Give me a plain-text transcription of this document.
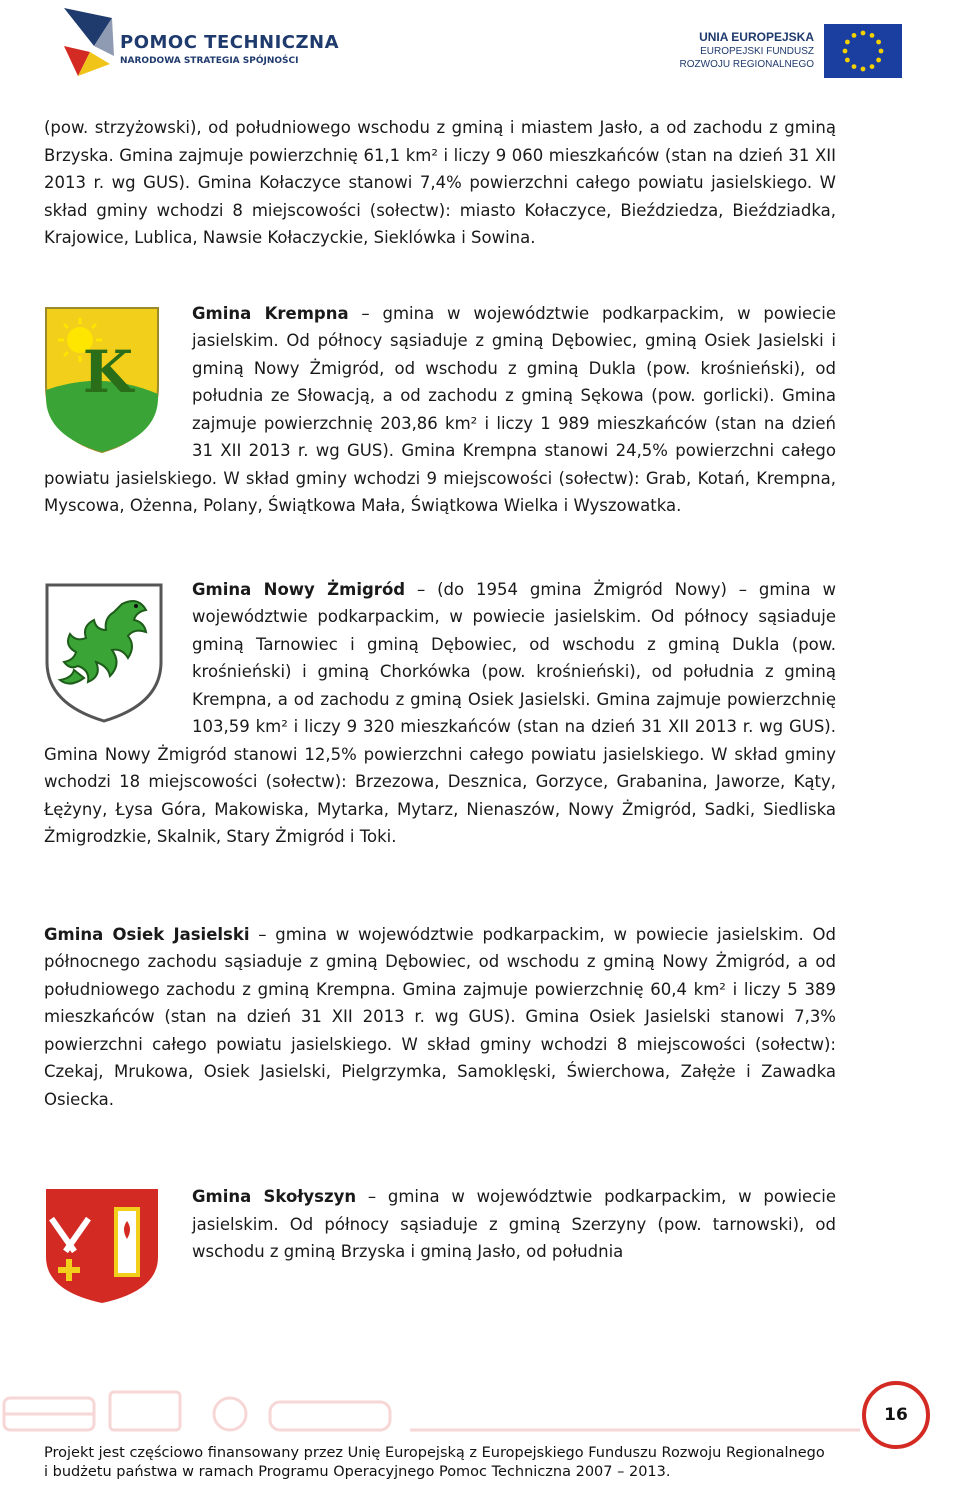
POMOC TECHNICZNA
NARODOWA STRATEGIA SPÓJNOŚCI
UNIA EUROPEJSKA
EUROPEJSKI FUNDUSZ
ROZWOJU REGIONALNEGO

(pow. strzyżowski), od południowego wschodu z gminą i miastem Jasło, a od zachodu z gminą Brzyska. Gmina zajmuje powierzchnię 61,1 km² i liczy 9 060 mieszkańców (stan na dzień 31 XII 2013 r. wg GUS). Gmina Kołaczyce stanowi 7,4% powierzchni całego powiatu jasielskiego. W skład gminy wchodzi 8 miejscowości (sołectw): miasto Kołaczyce, Bieździedza, Bieździadka, Krajowice, Lublica, Nawsie Kołaczyckie, Sieklówka i Sowina.

K
Gmina Krempna – gmina w województwie podkarpackim, w powiecie jasielskim. Od północy sąsiaduje z gminą Dębowiec, gminą Osiek Jasielski i gminą Nowy Żmigród, od wschodu z gminą Dukla (pow. krośnieński), od południa ze Słowacją, a od zachodu z gminą Sękowa (pow. gorlicki). Gmina zajmuje powierzchnię 203,86 km² i liczy 1 989 mieszkańców (stan na dzień 31 XII 2013 r. wg GUS). Gmina Krempna stanowi 24,5% powierzchni całego powiatu jasielskiego. W skład gminy wchodzi 9 miejscowości (sołectw): Grab, Kotań, Krempna, Myscowa, Ożenna, Polany, Świątkowa Mała, Świątkowa Wielka i Wyszowatka.

Gmina Nowy Żmigród – (do 1954 gmina Żmigród Nowy) – gmina w województwie podkarpackim, w powiecie jasielskim. Od północy sąsiaduje gminą Tarnowiec i gminą Dębowiec, od wschodu z gminą Dukla (pow. krośnieński) i gminą Chorkówka (pow. krośnieński), od południa z gminą Krempna, a od zachodu z gminą Osiek Jasielski. Gmina zajmuje powierzchnię 103,59 km² i liczy 9 320 mieszkańców (stan na dzień 31 XII 2013 r. wg GUS). Gmina Nowy Żmigród stanowi 12,5% powierzchni całego powiatu jasielskiego. W skład gminy wchodzi 18 miejscowości (sołectw): Brzezowa, Desznica, Gorzyce, Grabanina, Jaworze, Kąty, Łężyny, Łysa Góra, Makowiska, Mytarka, Mytarz, Nienaszów, Nowy Żmigród, Sadki, Siedliska Żmigrodzkie, Skalnik, Stary Żmigród i Toki.

Gmina Osiek Jasielski – gmina w województwie podkarpackim, w powiecie jasielskim. Od północnego zachodu sąsiaduje z gminą Dębowiec, od wschodu z gminą Nowy Żmigród, a od południowego zachodu z gminą Krempna. Gmina zajmuje powierzchnię 60,4 km² i liczy 5 389 mieszkańców (stan na dzień 31 XII 2013 r. wg GUS). Gmina Osiek Jasielski stanowi 7,3% powierzchni całego powiatu jasielskiego. W skład gminy wchodzi 8 miejscowości (sołectw): Czekaj, Mrukowa, Osiek Jasielski, Pielgrzymka, Samoklęski, Świerchowa, Załęże i Zawadka Osiecka.

Gmina Skołyszyn – gmina w województwie podkarpackim, w powiecie jasielskim. Od północy sąsiaduje z gminą Szerzyny (pow. tarnowski), od wschodu z gminą Brzyska i gminą Jasło, od południa

16
Projekt jest częściowo finansowany przez Unię Europejską z Europejskiego Funduszu Rozwoju Regionalnego
i budżetu państwa w ramach Programu Operacyjnego Pomoc Techniczna 2007 – 2013.
